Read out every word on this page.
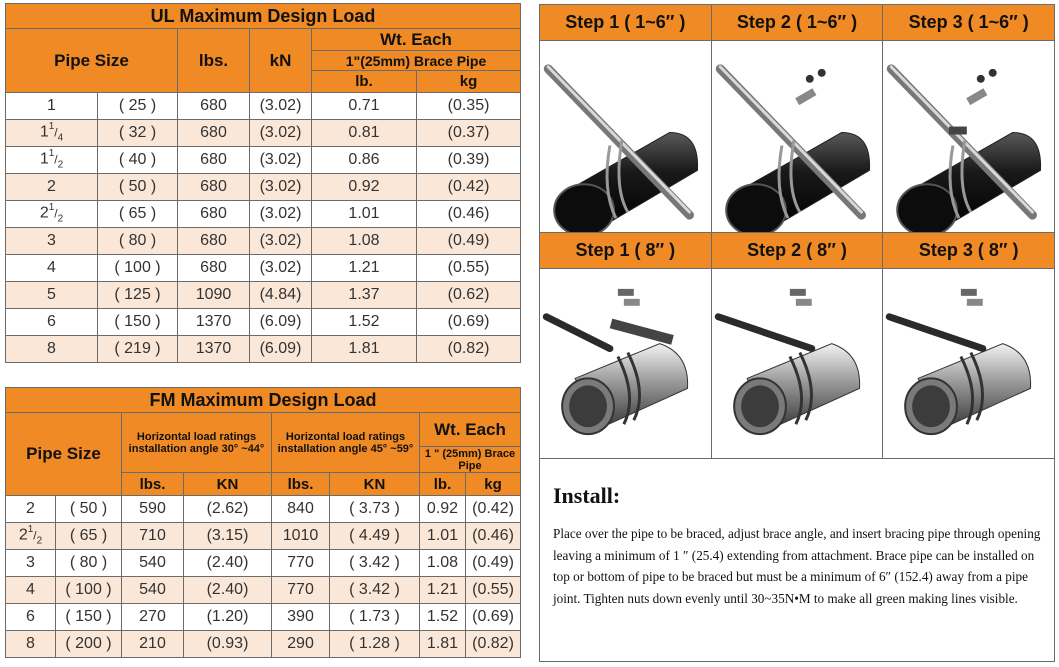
UL Maximum Design Load					
Pipe Size		lbs.	kN	Wt. Each	
				1"(25mm) Brace Pipe	
				lb.	kg
1	( 25 )	680	(3.02)	0.71	(0.35)
$1^1/_4$	( 32 )	680	(3.02)	0.81	(0.37)
$1^1/_2$	( 40 )	680	(3.02)	0.86	(0.39)
2	( 50 )	680	(3.02)	0.92	(0.42)
$2^1/_2$	( 65 )	680	(3.02)	1.01	(0.46)
3	( 80 )	680	(3.02)	1.08	(0.49)
4	( 100 )	680	(3.02)	1.21	(0.55)
5	( 125 )	1090	(4.84)	1.37	(0.62)
6	( 150 )	1370	(6.09)	1.52	(0.69)
8	( 219 )	1370	(6.09)	1.81	(0.82)
FM Maximum Design Load							
Pipe Size		Horizontal load ratings installation angle 30° ~44°		Horizontal load ratings installation angle 45° ~59°		Wt. Each	
						1 " (25mm) Brace Pipe	
		lbs.	KN	lbs.	KN	lb.	kg
2	( 50 )	590	(2.62)	840	( 3.73 )	0.92	(0.42)
$2^1/_2$	( 65 )	710	(3.15)	1010	( 4.49 )	1.01	(0.46)
3	( 80 )	540	(2.40)	770	( 3.42 )	1.08	(0.49)
4	( 100 )	540	(2.40)	770	( 3.42 )	1.21	(0.55)
6	( 150 )	270	(1.20)	390	( 1.73 )	1.52	(0.69)
8	( 200 )	210	(0.93)	290	( 1.28 )	1.81	(0.82)
Step 1 ( 1~6″ )	Step 2 ( 1~6″ )	Step 3 ( 1~6″ )
Step 1 ( 8″ )	Step 2 ( 8″ )	Step 3 ( 8″ )
Install:
Place over the pipe to be braced, adjust brace angle, and insert bracing pipe through opening leaving a minimum of 1 ″ (25.4) extending from attachment. Brace pipe can be installed on top or bottom of pipe to be braced but must be a minimum of 6″ (152.4) away from a pipe joint. Tighten nuts down evenly until 30~35N•M to make all green making lines visible.
